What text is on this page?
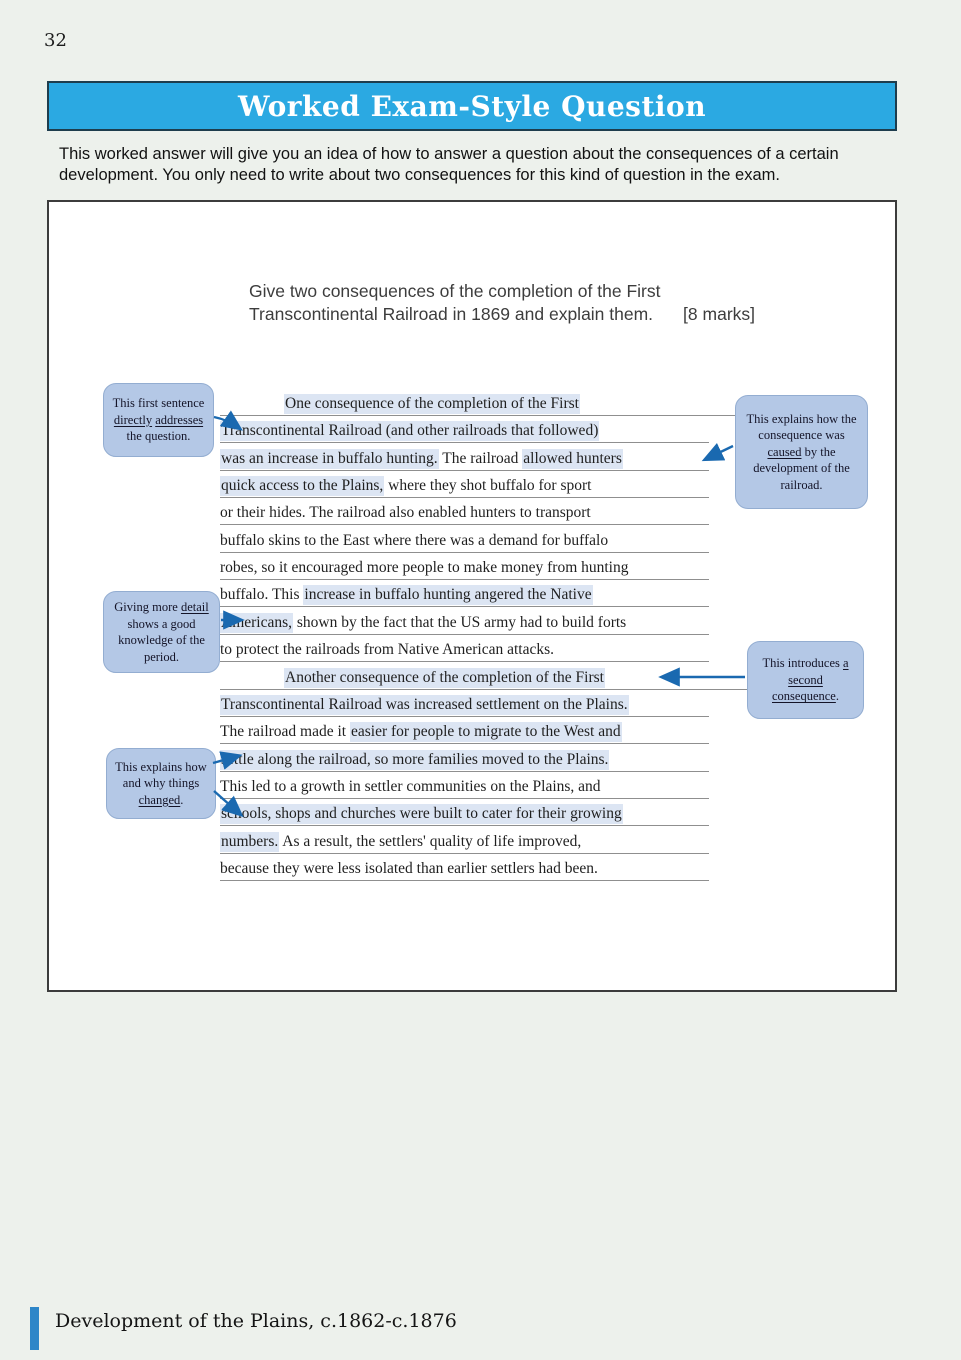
32
Worked Exam-Style Question
This worked answer will give you an idea of how to answer a question about the consequences of a certain
development. You only need to write about two consequences for this kind of question in the exam.
Give two consequences of the completion of the First
Transcontinental Railroad in 1869 and explain them. [8 marks]
One consequence of the completion of the First
Transcontinental Railroad (and other railroads that followed)
was an increase in buffalo hunting. The railroad allowed hunters
quick access to the Plains, where they shot buffalo for sport
or their hides. The railroad also enabled hunters to transport
buffalo skins to the East where there was a demand for buffalo
robes, so it encouraged more people to make money from hunting
buffalo. This increase in buffalo hunting angered the Native
Americans, shown by the fact that the US army had to build forts
to protect the railroads from Native American attacks.
Another consequence of the completion of the First
Transcontinental Railroad was increased settlement on the Plains.
The railroad made it easier for people to migrate to the West and
settle along the railroad, so more families moved to the Plains.
This led to a growth in settler communities on the Plains, and
schools, shops and churches were built to cater for their growing
numbers. As a result, the settlers' quality of life improved,
because they were less isolated than earlier settlers had been.
This first sentence directly addresses the question.
Giving more detail shows a good knowledge of the period.
This explains how and why things changed.
This explains how the consequence was caused by the development of the railroad.
This introduces a second consequence.
Development of the Plains, c.1862-c.1876
